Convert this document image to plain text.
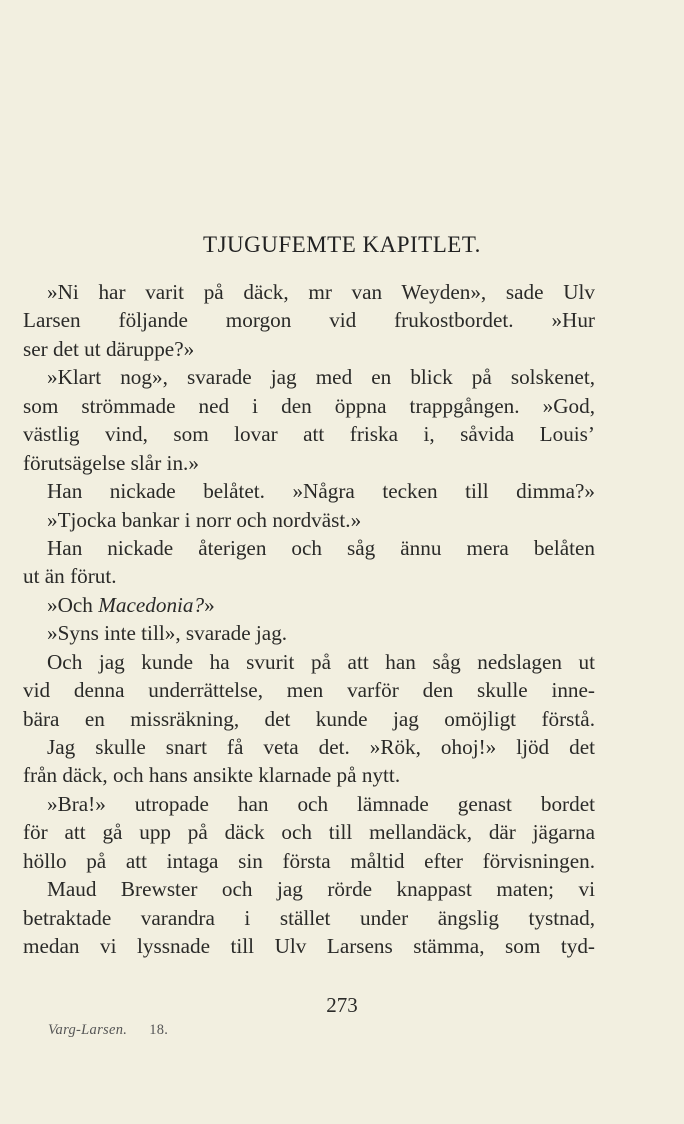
TJUGUFEMTE KAPITLET.
»Ni har varit på däck, mr van Weyden», sade Ulv
Larsen följande morgon vid frukostbordet. »Hur
ser det ut däruppe?»
»Klart nog», svarade jag med en blick på solskenet,
som strömmade ned i den öppna trappgången. »God,
västlig vind, som lovar att friska i, såvida Louis’
förutsägelse slår in.»
Han nickade belåtet. »Några tecken till dimma?»
»Tjocka bankar i norr och nordväst.»
Han nickade återigen och såg ännu mera belåten
ut än förut.
»Och Macedonia?»
»Syns inte till», svarade jag.
Och jag kunde ha svurit på att han såg nedslagen ut
vid denna underrättelse, men varför den skulle inne-
bära en missräkning, det kunde jag omöjligt förstå.
Jag skulle snart få veta det. »Rök, ohoj!» ljöd det
från däck, och hans ansikte klarnade på nytt.
»Bra!» utropade han och lämnade genast bordet
för att gå upp på däck och till mellandäck, där jägarna
höllo på att intaga sin första måltid efter förvisningen.
Maud Brewster och jag rörde knappast maten; vi
betraktade varandra i stället under ängslig tystnad,
medan vi lyssnade till Ulv Larsens stämma, som tyd-
273
Varg-Larsen. 18.
